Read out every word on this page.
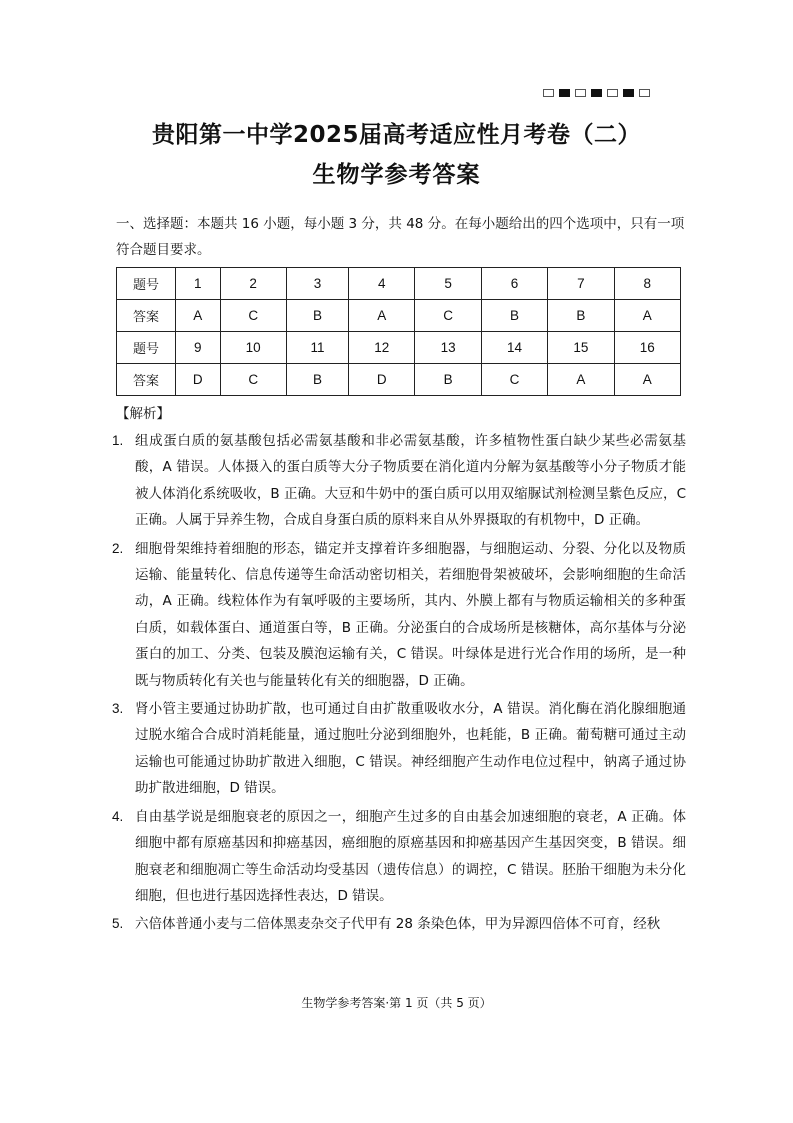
贵阳第一中学2025届高考适应性月考卷（二）
生物学参考答案
一、选择题：本题共 16 小题，每小题 3 分，共 48 分。在每小题给出的四个选项中，只有一项符合题目要求。
题号	1	2	3	4	5	6	7	8
答案	A	C	B	A	C	B	B	A
题号	9	10	11	12	13	14	15	16
答案	D	C	B	D	B	C	A	A
【解析】
1. 组成蛋白质的氨基酸包括必需氨基酸和非必需氨基酸，许多植物性蛋白缺少某些必需氨基酸，A 错误。人体摄入的蛋白质等大分子物质要在消化道内分解为氨基酸等小分子物质才能被人体消化系统吸收，B 正确。大豆和牛奶中的蛋白质可以用双缩脲试剂检测呈紫色反应，C 正确。人属于异养生物，合成自身蛋白质的原料来自从外界摄取的有机物中，D 正确。
2. 细胞骨架维持着细胞的形态，锚定并支撑着许多细胞器，与细胞运动、分裂、分化以及物质运输、能量转化、信息传递等生命活动密切相关，若细胞骨架被破坏，会影响细胞的生命活动，A 正确。线粒体作为有氧呼吸的主要场所，其内、外膜上都有与物质运输相关的多种蛋白质，如载体蛋白、通道蛋白等，B 正确。分泌蛋白的合成场所是核糖体，高尔基体与分泌蛋白的加工、分类、包装及膜泡运输有关，C 错误。叶绿体是进行光合作用的场所，是一种既与物质转化有关也与能量转化有关的细胞器，D 正确。
3. 肾小管主要通过协助扩散，也可通过自由扩散重吸收水分，A 错误。消化酶在消化腺细胞通过脱水缩合合成时消耗能量，通过胞吐分泌到细胞外，也耗能，B 正确。葡萄糖可通过主动运输也可能通过协助扩散进入细胞，C 错误。神经细胞产生动作电位过程中，钠离子通过协助扩散进细胞，D 错误。
4. 自由基学说是细胞衰老的原因之一，细胞产生过多的自由基会加速细胞的衰老，A 正确。体细胞中都有原癌基因和抑癌基因，癌细胞的原癌基因和抑癌基因产生基因突变，B 错误。细胞衰老和细胞凋亡等生命活动均受基因（遗传信息）的调控，C 错误。胚胎干细胞为未分化细胞，但也进行基因选择性表达，D 错误。
5. 六倍体普通小麦与二倍体黑麦杂交子代甲有 28 条染色体，甲为异源四倍体不可育，经秋
生物学参考答案·第 1 页（共 5 页）
